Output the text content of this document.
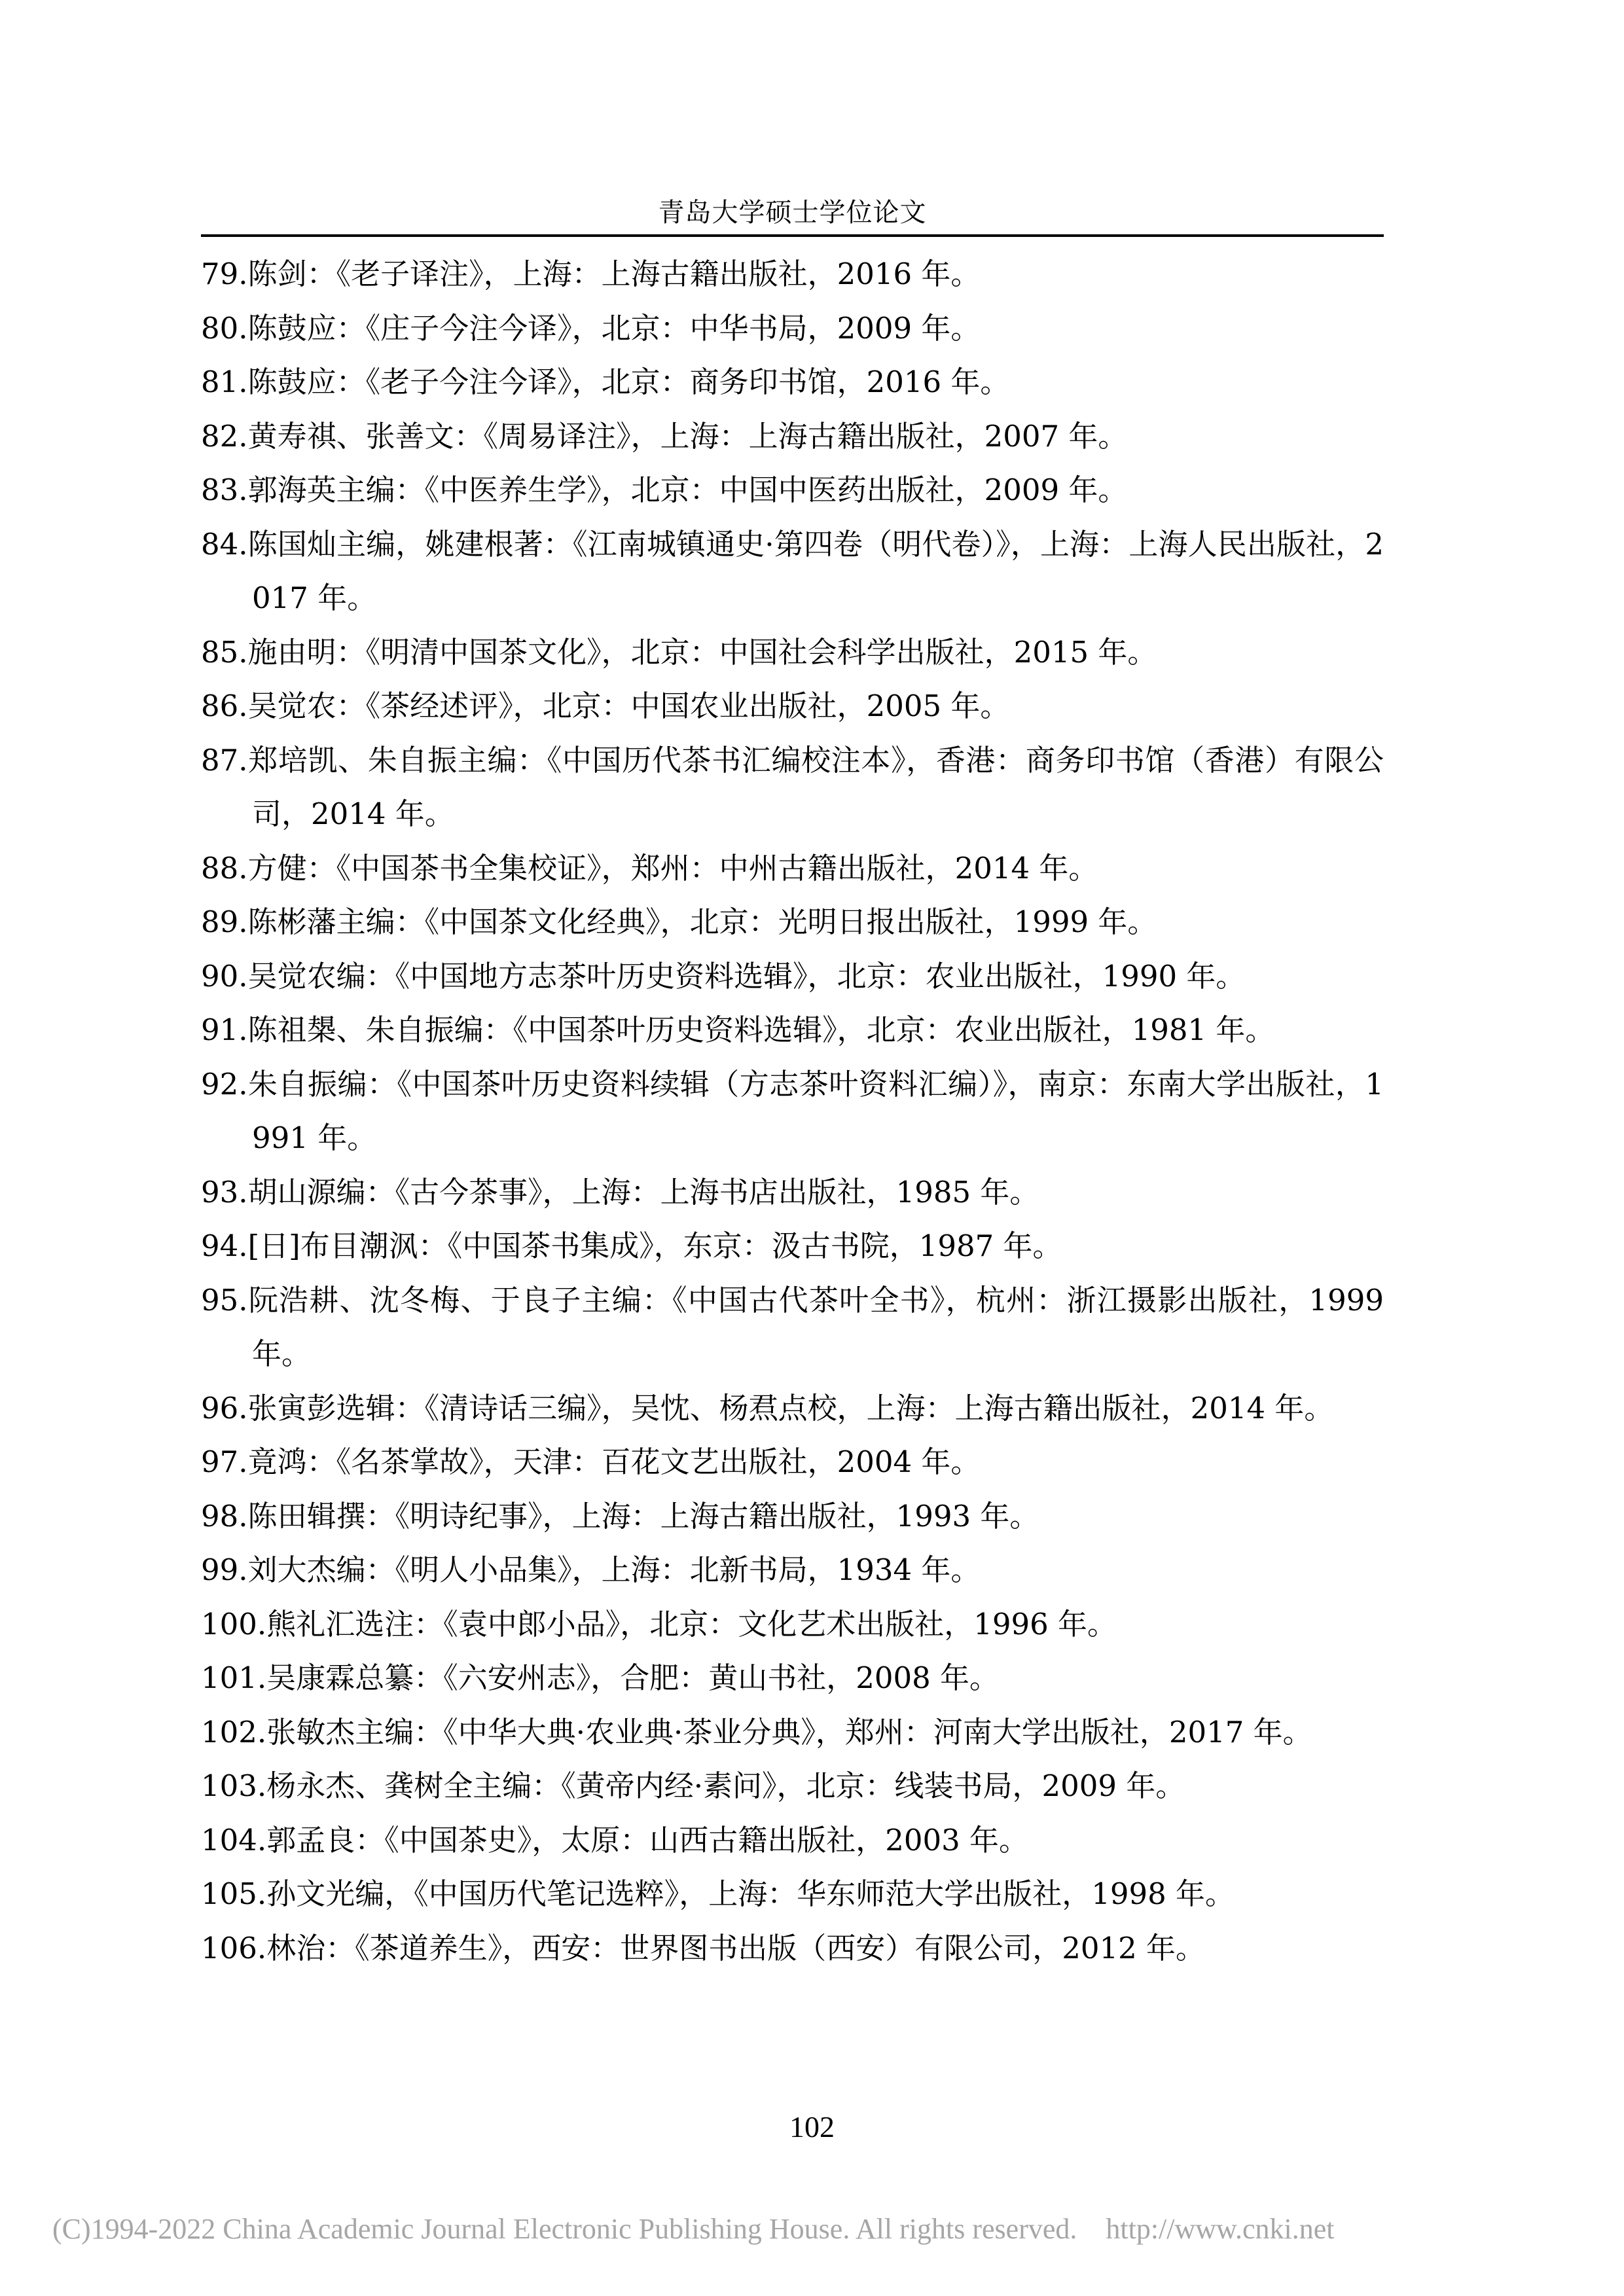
青岛大学硕士学位论文
79.陈剑：《老子译注》，上海：上海古籍出版社，2016 年。
80.陈鼓应：《庄子今注今译》，北京：中华书局，2009 年。
81.陈鼓应：《老子今注今译》，北京：商务印书馆，2016 年。
82.黄寿祺、张善文：《周易译注》，上海：上海古籍出版社，2007 年。
83.郭海英主编：《中医养生学》，北京：中国中医药出版社，2009 年。
84.陈国灿主编，姚建根著：《江南城镇通史·第四卷（明代卷）》，上海：上海人民出版社，2017 年。
85.施由明：《明清中国茶文化》，北京：中国社会科学出版社，2015 年。
86.吴觉农：《茶经述评》，北京：中国农业出版社，2005 年。
87.郑培凯、朱自振主编：《中国历代茶书汇编校注本》，香港：商务印书馆（香港）有限公司，2014 年。
88.方健：《中国茶书全集校证》，郑州：中州古籍出版社，2014 年。
89.陈彬藩主编：《中国茶文化经典》，北京：光明日报出版社，1999 年。
90.吴觉农编：《中国地方志茶叶历史资料选辑》，北京：农业出版社，1990 年。
91.陈祖槼、朱自振编：《中国茶叶历史资料选辑》，北京：农业出版社，1981 年。
92.朱自振编：《中国茶叶历史资料续辑（方志茶叶资料汇编）》，南京：东南大学出版社，1991 年。
93.胡山源编：《古今茶事》，上海：上海书店出版社，1985 年。
94.[日]布目潮沨：《中国茶书集成》，东京：汲古书院，1987 年。
95.阮浩耕、沈冬梅、于良子主编：《中国古代茶叶全书》，杭州：浙江摄影出版社，1999 年。
96.张寅彭选辑：《清诗话三编》，吴忱、杨焄点校，上海：上海古籍出版社，2014 年。
97.竟鸿：《名茶掌故》，天津：百花文艺出版社，2004 年。
98.陈田辑撰：《明诗纪事》，上海：上海古籍出版社，1993 年。
99.刘大杰编：《明人小品集》，上海：北新书局，1934 年。
100.熊礼汇选注：《袁中郎小品》，北京：文化艺术出版社，1996 年。
101.吴康霖总纂：《六安州志》，合肥：黄山书社，2008 年。
102.张敏杰主编：《中华大典·农业典·茶业分典》，郑州：河南大学出版社，2017 年。
103.杨永杰、龚树全主编：《黄帝内经·素问》，北京：线装书局，2009 年。
104.郭孟良：《中国茶史》，太原：山西古籍出版社，2003 年。
105.孙文光编，《中国历代笔记选粹》，上海：华东师范大学出版社，1998 年。
106.林治：《茶道养生》，西安：世界图书出版（西安）有限公司，2012 年。
102
(C)1994-2022 China Academic Journal Electronic Publishing House. All rights reserved.    http://www.cnki.net
